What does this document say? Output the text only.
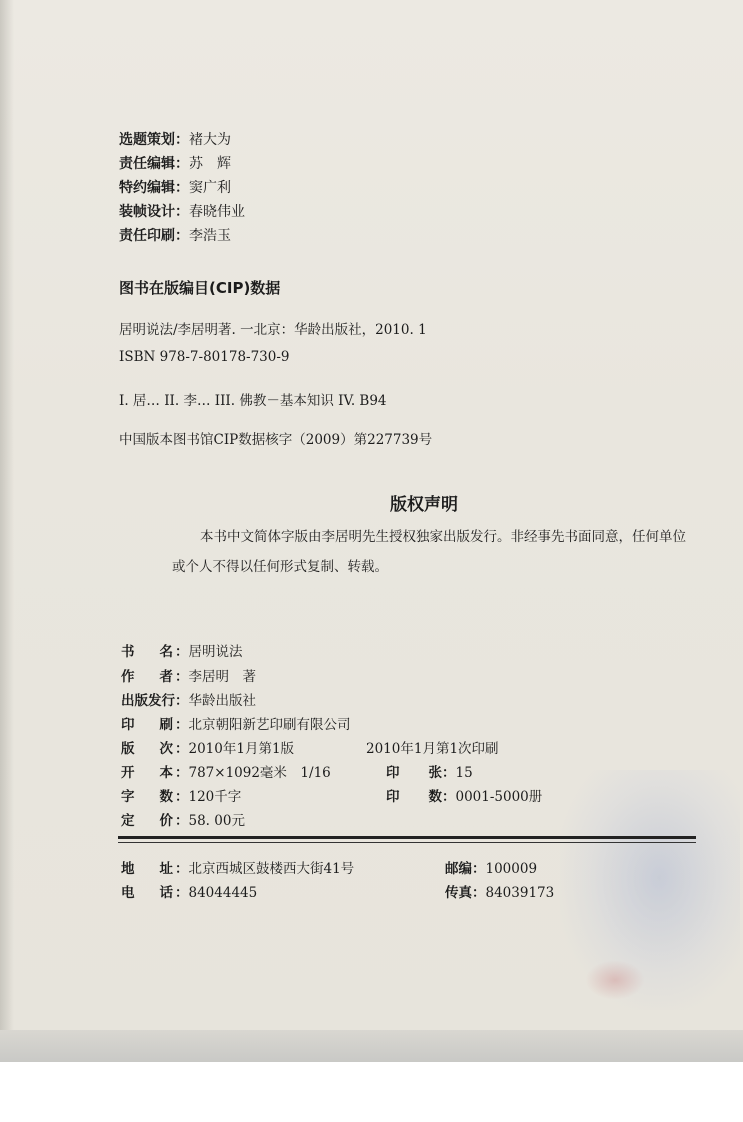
选题策划：褚大为
责任编辑：苏　辉
特约编辑：窦广利
装帧设计：春晓伟业
责任印刷：李浩玉
图书在版编目(CIP)数据
居明说法/李居明著. 一北京：华龄出版社，2010. 1
ISBN 978-7-80178-730-9
I. 居… II. 李… III. 佛教－基本知识 IV. B94
中国版本图书馆CIP数据核字（2009）第227739号
版权声明
本书中文简体字版由李居明先生授权独家出版发行。非经事先书面同意，任何单位或个人不得以任何形式复制、转载。
书名 ：居明说法
作者 ：李居明　著
出版发行：华龄出版社
印刷 ：北京朝阳新艺印刷有限公司
版次 ：2010年1月第1版	2010年1月第1次印刷
开本 ：787×1092毫米　1/16	印张：15
字数 ：120千字	印数：0001-5000册
定价 ：58. 00元
地址 ：北京西城区鼓楼西大街41号	邮编：100009
电话 ：84044445	传真：84039173
